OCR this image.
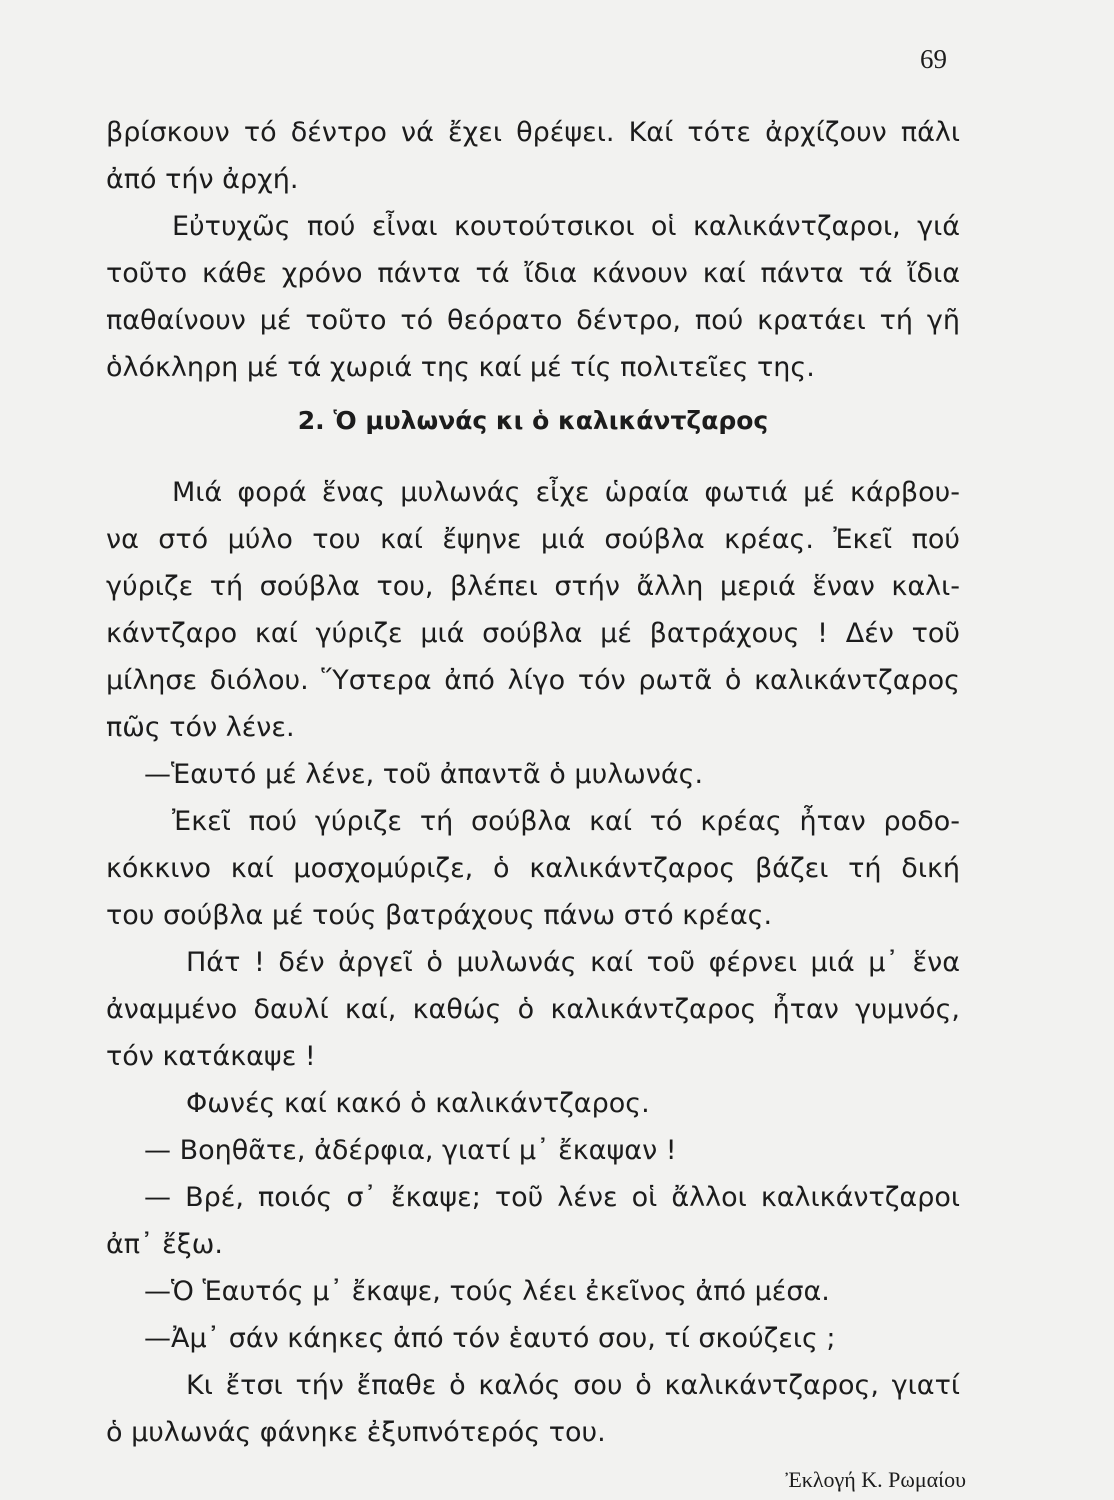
69
βρίσκουν τό δέντρο νά ἔχει θρέψει. Καί τότε ἀρχίζουν πάλι
ἀπό τήν ἀρχή.
Εὐτυχῶς πού εἶναι κουτούτσικοι οἱ καλικάντζαροι, γιά
τοῦτο κάθε χρόνο πάντα τά ἴδια κάνουν καί πάντα τά ἴδια
παθαίνουν μέ τοῦτο τό θεόρατο δέντρο, πού κρατάει τή γῆ
ὁλόκληρη μέ τά χωριά της καί μέ τίς πολιτεῖες της.
2. Ὁ μυλωνάς κι ὁ καλικάντζαρος
Μιά φορά ἕνας μυλωνάς εἶχε ὡραία φωτιά μέ κάρβου-
να στό μύλο του καί ἔψηνε μιά σούβλα κρέας. Ἐκεῖ πού
γύριζε τή σούβλα του, βλέπει στήν ἄλλη μεριά ἕναν καλι-
κάντζαρο καί γύριζε μιά σούβλα μέ βατράχους ! Δέν τοῦ
μίλησε διόλου. Ὕστερα ἀπό λίγο τόν ρωτᾶ ὁ καλικάντζαρος
πῶς τόν λένε.
—Ἑαυτό μέ λένε, τοῦ ἀπαντᾶ ὁ μυλωνάς.
Ἐκεῖ πού γύριζε τή σούβλα καί τό κρέας ἦταν ροδο-
κόκκινο καί μοσχομύριζε, ὁ καλικάντζαρος βάζει τή δική
του σούβλα μέ τούς βατράχους πάνω στό κρέας.
Πάτ ! δέν ἀργεῖ ὁ μυλωνάς καί τοῦ φέρνει μιά μ᾿ ἕνα
ἀναμμένο δαυλί καί, καθώς ὁ καλικάντζαρος ἦταν γυμνός,
τόν κατάκαψε !
Φωνές καί κακό ὁ καλικάντζαρος.
— Βοηθᾶτε, ἀδέρφια, γιατί μ᾿ ἔκαψαν !
— Βρέ, ποιός σ᾿ ἔκαψε; τοῦ λένε οἱ ἄλλοι καλικάντζαροι
ἀπ᾿ ἔξω.
—Ὁ Ἑαυτός μ᾿ ἔκαψε, τούς λέει ἐκεῖνος ἀπό μέσα.
—Ἀμ᾿ σάν κάηκες ἀπό τόν ἑαυτό σου, τί σκούζεις ;
Κι ἔτσι τήν ἔπαθε ὁ καλός σου ὁ καλικάντζαρος, γιατί
ὁ μυλωνάς φάνηκε ἐξυπνότερός του.
Ἐκλογή Κ. Ρωμαίου
